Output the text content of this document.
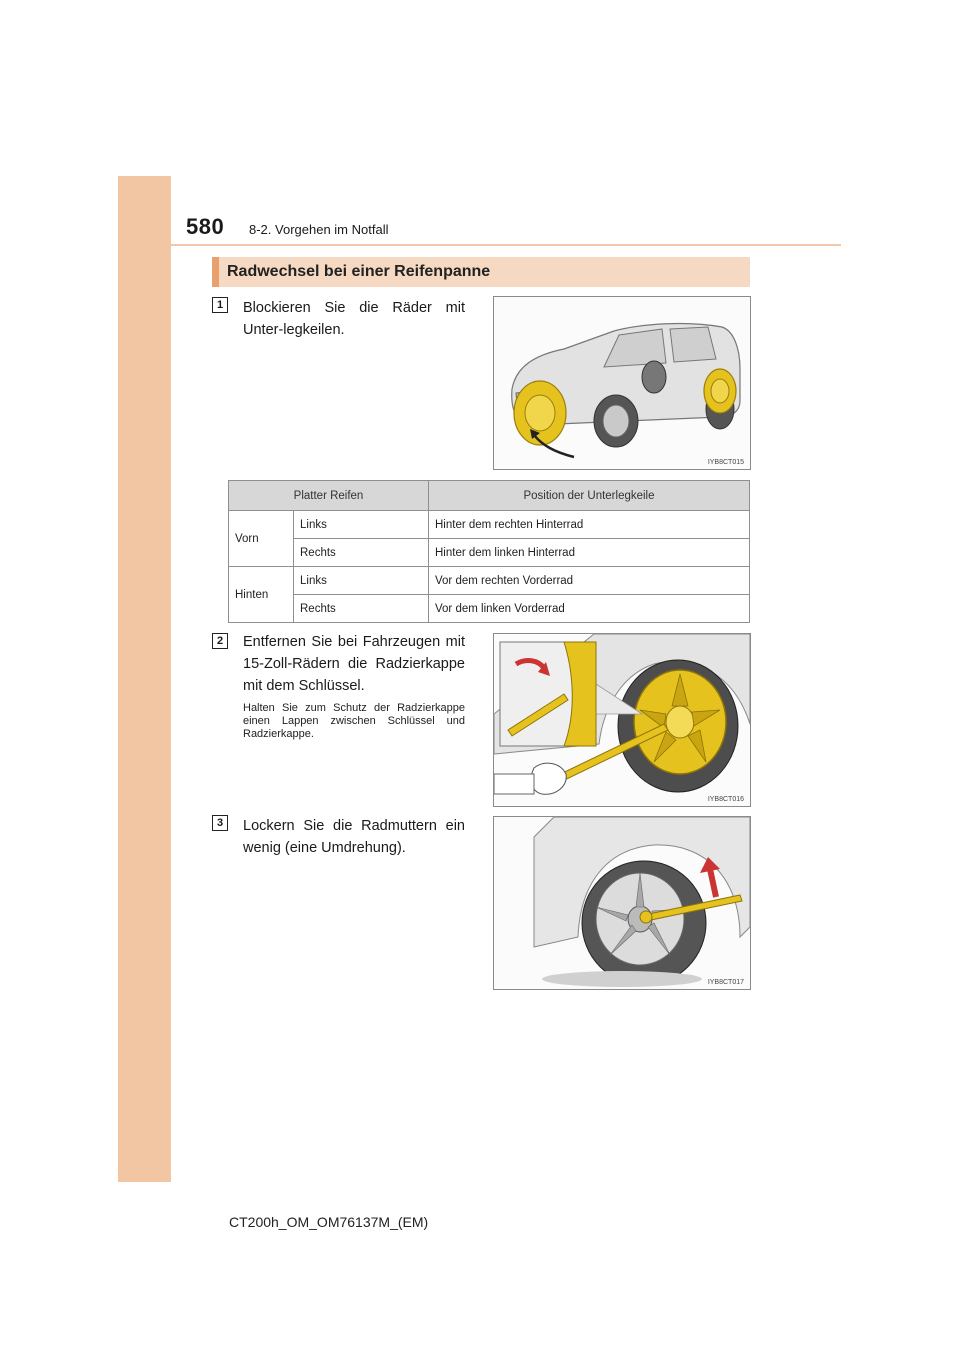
580 8-2. Vorgehen im Notfall
Radwechsel bei einer Reifenpanne
1	Blockieren Sie die Räder mit Unter-legkeilen.
IYB8CT015
Platter Reifen		Position der Unterlegkeile
Vorn	Links	Hinter dem rechten Hinterrad
	Rechts	Hinter dem linken Hinterrad
Hinten	Links	Vor dem rechten Vorderrad
	Rechts	Vor dem linken Vorderrad
2	Entfernen Sie bei Fahrzeugen mit 15-Zoll-Rädern die Radzierkappe mit dem Schlüssel.
Halten Sie zum Schutz der Radzierkappe einen Lappen zwischen Schlüssel und Radzierkappe.
IYB8CT016
3	Lockern Sie die Radmuttern ein wenig (eine Umdrehung).
IYB8CT017
CT200h_OM_OM76137M_(EM)
